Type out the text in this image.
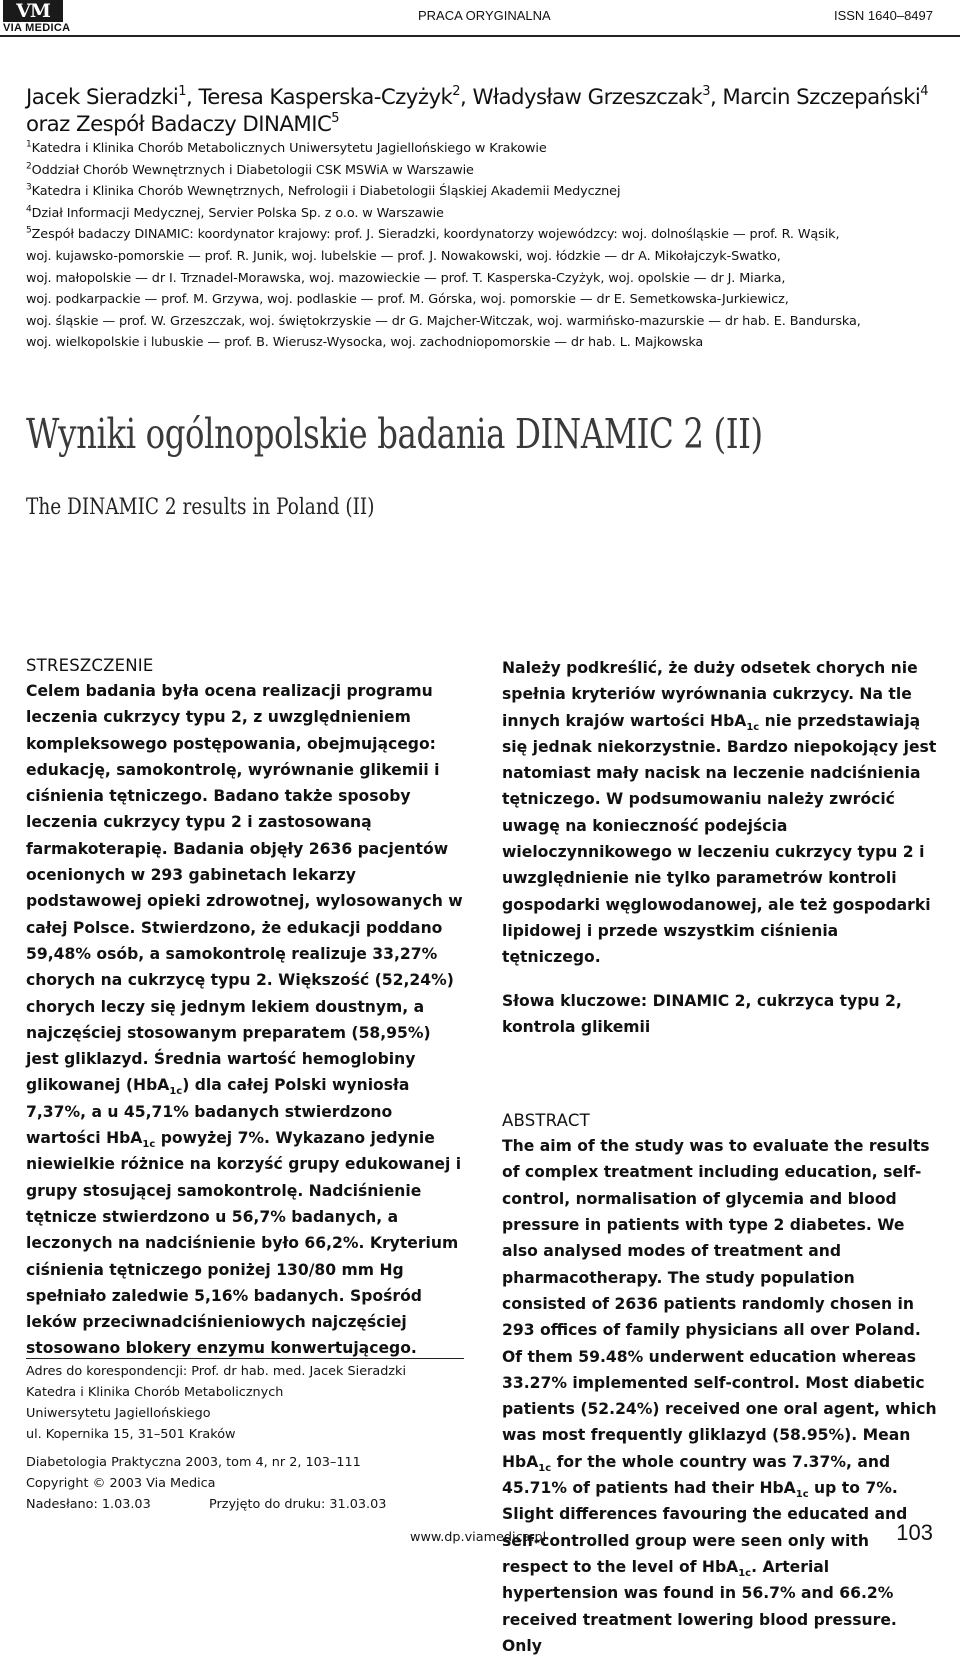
VM
VIA MEDICA
PRACA ORYGINALNA	ISSN 1640–8497
Jacek Sieradzki$^1$, Teresa Kasperska-Czyżyk$^2$, Władysław Grzeszczak$^3$, Marcin Szczepański$^4$
oraz Zespół Badaczy DINAMIC$^5$
$^1$Katedra i Klinika Chorób Metabolicznych Uniwersytetu Jagiellońskiego w Krakowie
$^2$Oddział Chorób Wewnętrznych i Diabetologii CSK MSWiA w Warszawie
$^3$Katedra i Klinika Chorób Wewnętrznych, Nefrologii i Diabetologii Śląskiej Akademii Medycznej
$^4$Dział Informacji Medycznej, Servier Polska Sp. z o.o. w Warszawie
$^5$Zespół badaczy DINAMIC: koordynator krajowy: prof. J. Sieradzki, koordynatorzy wojewódzcy: woj. dolnośląskie — prof. R. Wąsik,
woj. kujawsko-pomorskie — prof. R. Junik, woj. lubelskie — prof. J. Nowakowski, woj. łódzkie — dr A. Mikołajczyk-Swatko,
woj. małopolskie — dr I. Trznadel-Morawska, woj. mazowieckie — prof. T. Kasperska-Czyżyk, woj. opolskie — dr J. Miarka,
woj. podkarpackie — prof. M. Grzywa, woj. podlaskie — prof. M. Górska, woj. pomorskie — dr E. Semetkowska-Jurkiewicz,
woj. śląskie — prof. W. Grzeszczak, woj. świętokrzyskie — dr G. Majcher-Witczak, woj. warmińsko-mazurskie — dr hab. E. Bandurska,
woj. wielkopolskie i lubuskie — prof. B. Wierusz-Wysocka, woj. zachodniopomorskie — dr hab. L. Majkowska
Wyniki ogólnopolskie badania DINAMIC 2 (II)
The DINAMIC 2 results in Poland (II)
STRESZCZENIE

Celem badania była ocena realizacji programu leczenia cukrzycy typu 2, z uwzględnieniem kompleksowego postępowania, obejmującego: edukację, samokontrolę, wyrównanie glikemii i ciśnienia tętniczego. Badano także sposoby leczenia cukrzycy typu 2 i zastosowaną farmakoterapię. Badania objęły 2636 pacjentów ocenionych w 293 gabinetach lekarzy podstawowej opieki zdrowotnej, wylosowanych w całej Polsce. Stwierdzono, że edukacji poddano 59,48% osób, a samokontrolę realizuje 33,27% chorych na cukrzycę typu 2. Większość (52,24%) chorych leczy się jednym lekiem doustnym, a najczęściej stosowanym preparatem (58,95%) jest gliklazyd. Średnia wartość hemoglobiny glikowanej (HbA$_{1c}$) dla całej Polski wyniosła 7,37%, a u 45,71% badanych stwierdzono wartości HbA$_{1c}$ powyżej 7%. Wykazano jedynie niewielkie różnice na korzyść grupy edukowanej i grupy stosującej samokontrolę. Nadciśnienie tętnicze stwierdzono u 56,7% badanych, a leczonych na nadciśnienie było 66,2%. Kryterium ciśnienia tętniczego poniżej 130/80 mm Hg spełniało zaledwie 5,16% badanych. Spośród leków przeciwnadciśnieniowych najczęściej stosowano blokery enzymu konwertującego.

Należy podkreślić, że duży odsetek chorych nie spełnia kryteriów wyrównania cukrzycy. Na tle innych krajów wartości HbA$_{1c}$ nie przedstawiają się jednak niekorzystnie. Bardzo niepokojący jest natomiast mały nacisk na leczenie nadciśnienia tętniczego. W podsumowaniu należy zwrócić uwagę na konieczność podejścia wieloczynnikowego w leczeniu cukrzycy typu 2 i uwzględnienie nie tylko parametrów kontroli gospodarki węglowodanowej, ale też gospodarki lipidowej i przede wszystkim ciśnienia tętniczego.

Słowa kluczowe: DINAMIC 2, cukrzyca typu 2, kontrola glikemii

ABSTRACT

The aim of the study was to evaluate the results of complex treatment including education, self-control, normalisation of glycemia and blood pressure in patients with type 2 diabetes. We also analysed modes of treatment and pharmacotherapy. The study population consisted of 2636 patients randomly chosen in 293 offices of family physicians all over Poland. Of them 59.48% underwent education whereas 33.27% implemented self-control. Most diabetic patients (52.24%) received one oral agent, which was most frequently gliklazyd (58.95%). Mean HbA$_{1c}$ for the whole country was 7.37%, and 45.71% of patients had their HbA$_{1c}$ up to 7%. Slight differences favouring the educated and self-controlled group were seen only with respect to the level of HbA$_{1c}$. Arterial hypertension was found in 56.7% and 66.2% received treatment lowering blood pressure. Only

Adres do korespondencji: Prof. dr hab. med. Jacek Sieradzki
Katedra i Klinika Chorób Metabolicznych
Uniwersytetu Jagiellońskiego
ul. Kopernika 15, 31–501 Kraków
Diabetologia Praktyczna 2003, tom 4, nr 2, 103–111
Copyright © 2003 Via Medica
Nadesłano: 1.03.03	Przyjęto do druku: 31.03.03
www.dp.viamedica.pl	103
